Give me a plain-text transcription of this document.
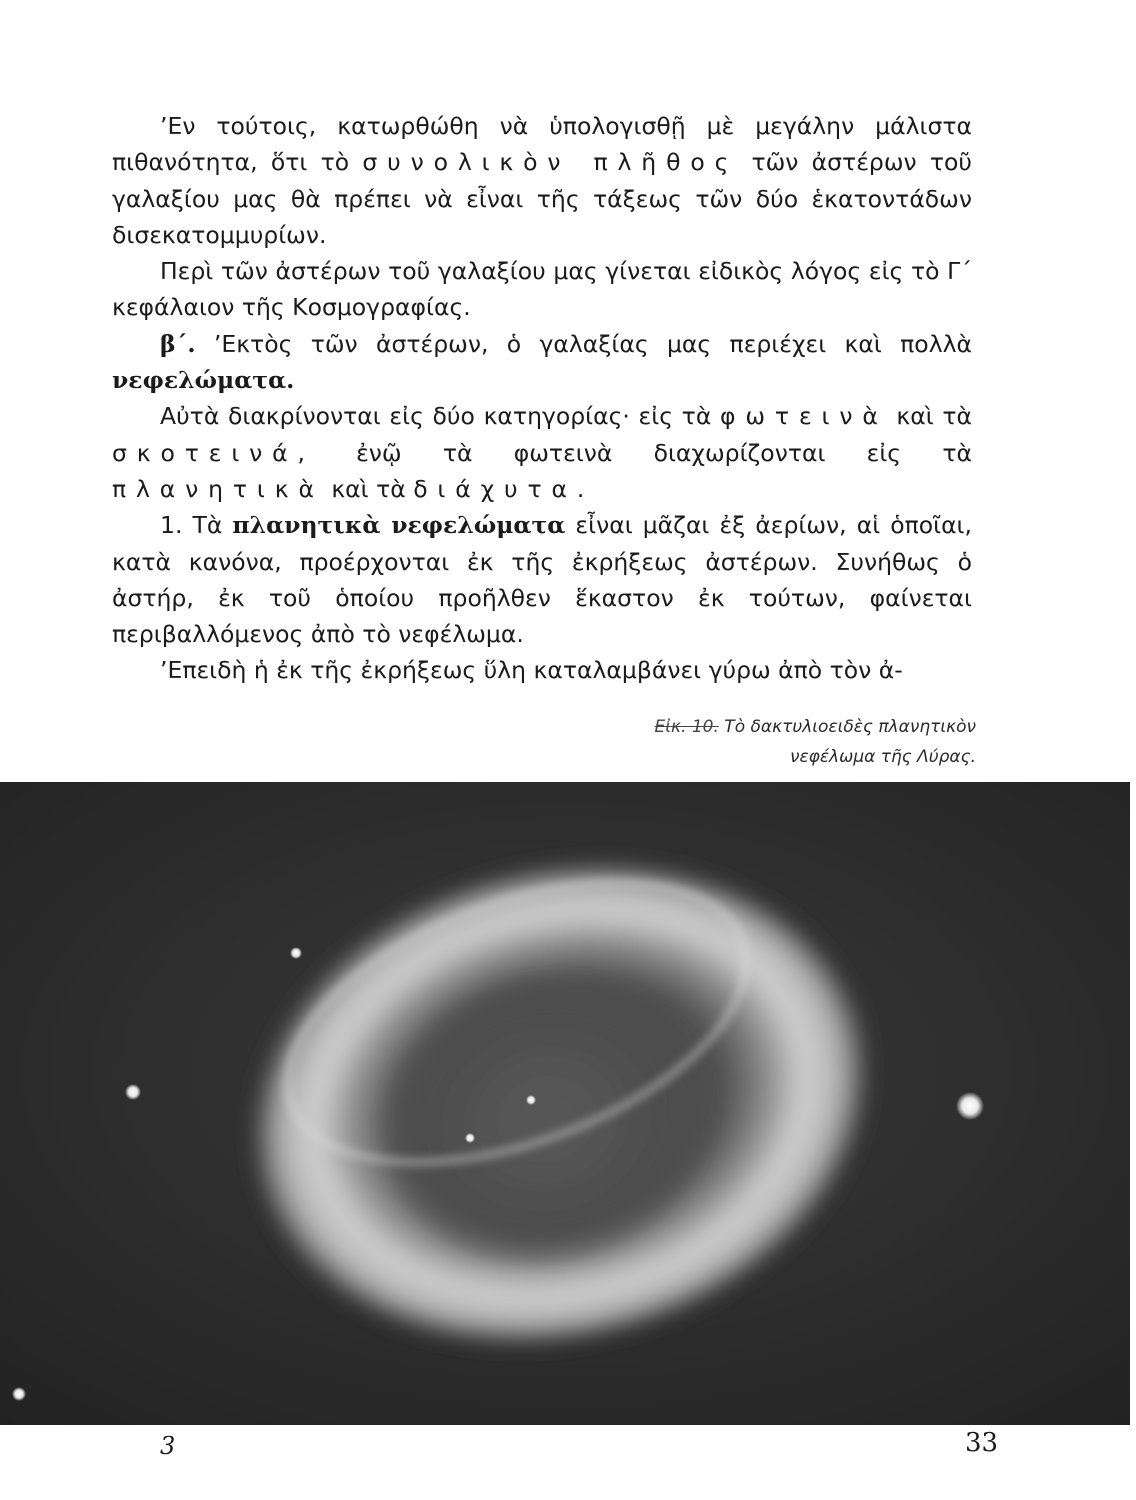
’Εν τούτοις, κατωρθώθη νὰ ὑπολογισθῇ μὲ μεγάλην μάλιστα πιθανότητα, ὅτι τὸ συνολικὸν πλῆθος τῶν ἀστέρων τοῦ γαλαξίου μας θὰ πρέπει νὰ εἶναι τῆς τάξεως τῶν δύο ἑκατοντάδων δισεκατομμυρίων.

Περὶ τῶν ἀστέρων τοῦ γαλαξίου μας γίνεται εἰδικὸς λόγος εἰς τὸ Γ΄ κεφάλαιον τῆς Κοσμογραφίας.

β΄. ’Εκτὸς τῶν ἀστέρων, ὁ γαλαξίας μας περιέχει καὶ πολλὰ νεφελώματα.

Αὐτὰ διακρίνονται εἰς δύο κατηγορίας· εἰς τὰ φωτεινὰ καὶ τὰ σκοτεινά, ἐνῷ τὰ φωτεινὰ διαχωρίζονται εἰς τὰ πλανητικὰ καὶ τὰ διάχυτα.

1. Τὰ πλανητικὰ νεφελώματα εἶναι μᾶζαι ἐξ ἀερίων, αἱ ὁποῖαι, κατὰ κανόνα, προέρχονται ἐκ τῆς ἐκρήξεως ἀστέρων. Συνήθως ὁ ἀστήρ, ἐκ τοῦ ὁποίου προῆλθεν ἕκαστον ἐκ τούτων, φαίνεται περιβαλλόμενος ἀπὸ τὸ νεφέλωμα.

’Επειδὴ ἡ ἐκ τῆς ἐκρήξεως ὕλη καταλαμβάνει γύρω ἀπὸ τὸν ἀ-

Εἰκ. 10. Τὸ δακτυλιοειδὲς πλανητικὸν
νεφέλωμα τῆς Λύρας.
3	33
